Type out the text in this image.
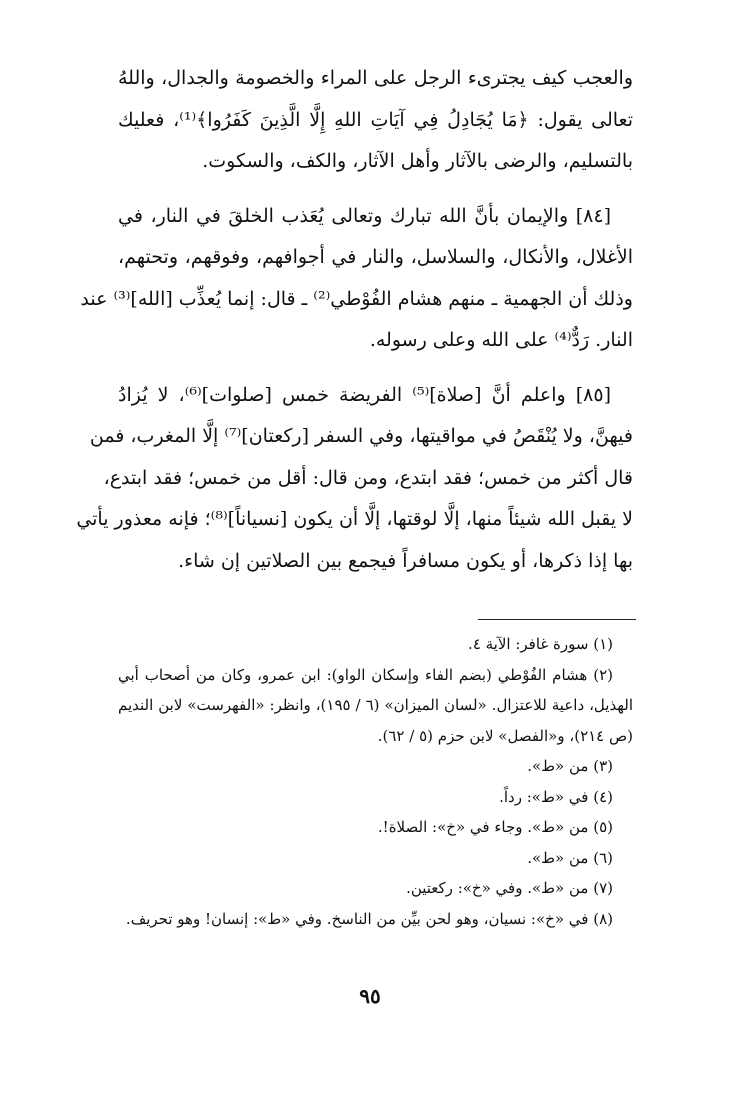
والعجب كيف يجترىء الرجل على المراء والخصومة والجدال، واللهُ
تعالى يقول: ﴿مَا يُجَادِلُ فِي آيَاتِ اللهِ إِلَّا الَّذِينَ كَفَرُوا﴾⁽¹⁾، فعليك
بالتسليم، والرضى بالآثار وأهل الآثار، والكف، والسكوت.

[٨٤] والإيمان بأنَّ الله تبارك وتعالى يُعَذب الخلقَ في النار، في
الأغلال، والأنكال، والسلاسل، والنار في أجوافهم، وفوقهم، وتحتهم،
وذلك أن الجهمية ـ منهم هشام الفُوْطي⁽²⁾ ـ قال: إنما يُعذِّب [الله]⁽³⁾ عند
النار. رَدٌّ⁽⁴⁾ على الله وعلى رسوله.

[٨٥] واعلم أنَّ [صلاة]⁽⁵⁾ الفريضة خمس [صلوات]⁽⁶⁾، لا يُزادُ
فيهنَّ، ولا يُنْقَصُ في مواقيتها، وفي السفر [ركعتان]⁽⁷⁾ إلَّا المغرب، فمن
قال أكثر من خمس؛ فقد ابتدع، ومن قال: أقل من خمس؛ فقد ابتدع،
لا يقبل الله شيئاً منها، إلَّا لوقتها، إلَّا أن يكون [نسياناً]⁽⁸⁾؛ فإنه معذور يأتي
بها إذا ذكرها، أو يكون مسافراً فيجمع بين الصلاتين إن شاء.

(١) سورة غافر: الآية ٤.
(٢) هشام الفُوْطي (بضم الفاء وإسكان الواو): ابن عمرو، وكان من أصحاب أبي
الهذيل، داعية للاعتزال. «لسان الميزان» (٦ / ١٩٥)، وانظر: «الفهرست» لابن النديم
(ص ٢١٤)، و«الفصل» لابن حزم (٥ / ٦٢).
(٣) من «ط».
(٤) في «ط»: رداً.
(٥) من «ط». وجاء في «خ»: الصلاة!.
(٦) من «ط».
(٧) من «ط». وفي «خ»: ركعتين.
(٨) في «خ»: نسيان، وهو لحن بيِّن من الناسخ. وفي «ط»: إنسان! وهو تحريف.
٩٥
